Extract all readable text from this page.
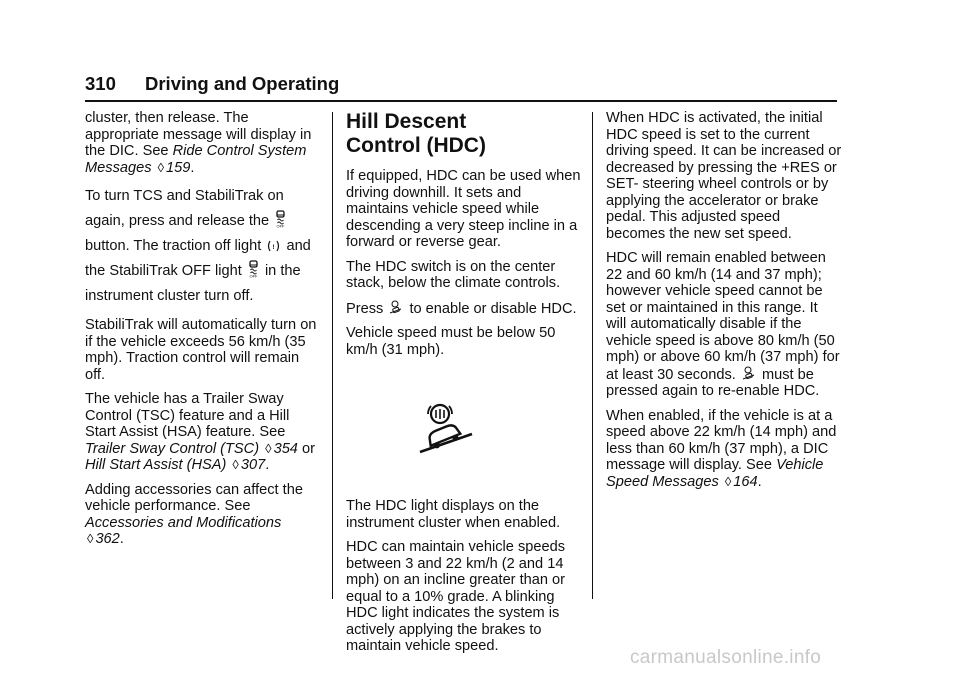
310 Driving and Operating

cluster, then release. The appropriate message will display in the DIC. See Ride Control System Messages ◊ 159.

To turn TCS and StabiliTrak on again, press and release the OFF
button. The traction off light ! and the StabiliTrak OFF light OFF in the instrument cluster turn off.

StabiliTrak will automatically turn on if the vehicle exceeds 56 km/h (35 mph). Traction control will remain off.

The vehicle has a Trailer Sway Control (TSC) feature and a Hill Start Assist (HSA) feature. See Trailer Sway Control (TSC) ◊ 354 or Hill Start Assist (HSA) ◊ 307.

Adding accessories can affect the vehicle performance. See Accessories and Modifications ◊ 362.

Hill Descent
Control (HDC)

If equipped, HDC can be used when driving downhill. It sets and maintains vehicle speed while descending a very steep incline in a forward or reverse gear.

The HDC switch is on the center stack, below the climate controls.

Press to enable or disable HDC.

Vehicle speed must be below 50 km/h (31 mph).

The HDC light displays on the instrument cluster when enabled.

HDC can maintain vehicle speeds between 3 and 22 km/h (2 and 14 mph) on an incline greater than or equal to a 10% grade. A blinking HDC light indicates the system is actively applying the brakes to maintain vehicle speed.

When HDC is activated, the initial HDC speed is set to the current driving speed. It can be increased or decreased by pressing the +RES or SET- steering wheel controls or by applying the accelerator or brake pedal. This adjusted speed becomes the new set speed.

HDC will remain enabled between 22 and 60 km/h (14 and 37 mph); however vehicle speed cannot be set or maintained in this range. It will automatically disable if the vehicle speed is above 80 km/h (50 mph) or above 60 km/h (37 mph) for at least 30 seconds. must be pressed again to re-enable HDC.

When enabled, if the vehicle is at a speed above 22 km/h (14 mph) and less than 60 km/h (37 mph), a DIC message will display. See Vehicle Speed Messages ◊ 164.

carmanualsonline.info
